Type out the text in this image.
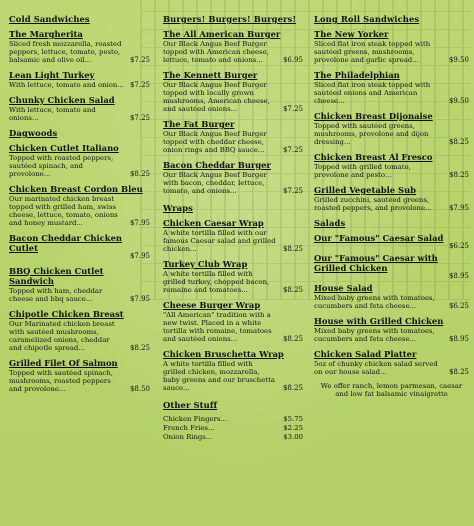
Cold Sandwiches
The Margherita
Sliced fresh mozzarella, roasted peppers, lettuce, tomato, pesto, balsamic and olive oil...	$7.25
Lean Light Turkey
With lettuce, tomato and onion... $7.25
Chunky Chicken Salad
With lettuce, tomato and onions...	$7.25
Dagwoods
Chicken Cutlet Italiano
Topped with roasted peppers, sautéed spinach, and provolone...	$8.25
Chicken Breast Cordon Bleu
Our marinated chicken breast topped with grilled ham, swiss cheese, lettuce, tomato, onions and honey mustard...	$7.95
Bacon Cheddar Chicken Cutlet
$7.95
BBQ Chicken Cutlet Sandwich
Topped with ham, cheddar cheese and bbq sauce...	$7.95
Chipotle Chicken Breast
Our Marinated chicken breast with sautéed mushrooms, caramelized onions, cheddar and chipotle spread...	$8.25
Grilled Filet Of Salmon
Topped with sautéed spinach, mushrooms, roasted peppers and provolone...	$8.50
Burgers! Burgers! Burgers!
The All American Burger
Our Black Angus Beef Burger topped with American cheese, lettuce, tomato and onions...	$6.95
The Kennett Burger
Our Black Angus Beef Burger topped with locally grown mushrooms, American cheese, and sautéed onions...	$7.25
The Fat Burger
Our Black Angus Beef Burger topped with cheddar cheese, onion rings and BBQ sauce...	$7.25
Bacon Cheddar Burger
Our Black Angus Beef Burger with bacon, cheddar, lettuce, tomato, and onions...	$7.25
Wraps
Chicken Caesar Wrap
A white tortilla filled with our famous Caesar salad and grilled chicken...	$8.25
Turkey Club Wrap
A white tortilla filled with grilled turkey, chopped bacon, romaine and tomatoes...	$8.25
Cheese Burger Wrap
"All American" tradition with a new twist. Placed in a white tortilla with romaine, tomatoes and sautéed onions...	$8.25
Chicken Bruschetta Wrap
A white tortilla filled with grilled chicken, mozzarella, baby greens and our bruschetta sauce...	$8.25
Other Stuff
Chicken Fingers...	$5.75
French Fries...	$2.25
Onion Rings...	$3.00
Long Roll Sandwiches
The New Yorker
Sliced flat iron steak topped with sautéed greens, mushrooms, provolone and garlic spread...	$9.50
The Philadelphian
Sliced flat iron steak topped with sautéed onions and American cheese...	$9.50
Chicken Breast Dijonaise
Topped with sautéed greens, mushrooms, provolone and dijon dressing...	$8.25
Chicken Breast Al Fresco
Topped with grilled tomato, provolone and pesto...	$8.25
Grilled Vegetable Sub
Grilled zucchini, sautéed greens, roasted peppers, and provolone... $7.95
Salads
Our "Famous" Caesar Salad
$6.25
Our "Famous" Caesar with Grilled Chicken
$8.95
House Salad
Mixed baby greens with tomatoes, cucumbers and feta cheese...	$6.25
House with Grilled Chicken
Mixed baby greens with tomatoes, cucumbers and feta cheese...	$8.95
Chicken Salad Platter
5oz of chunky chicken salad served on our house salad...	$8.25
We offer ranch, lemon parmesan, caesar and low fat balsamic vinaigrette
